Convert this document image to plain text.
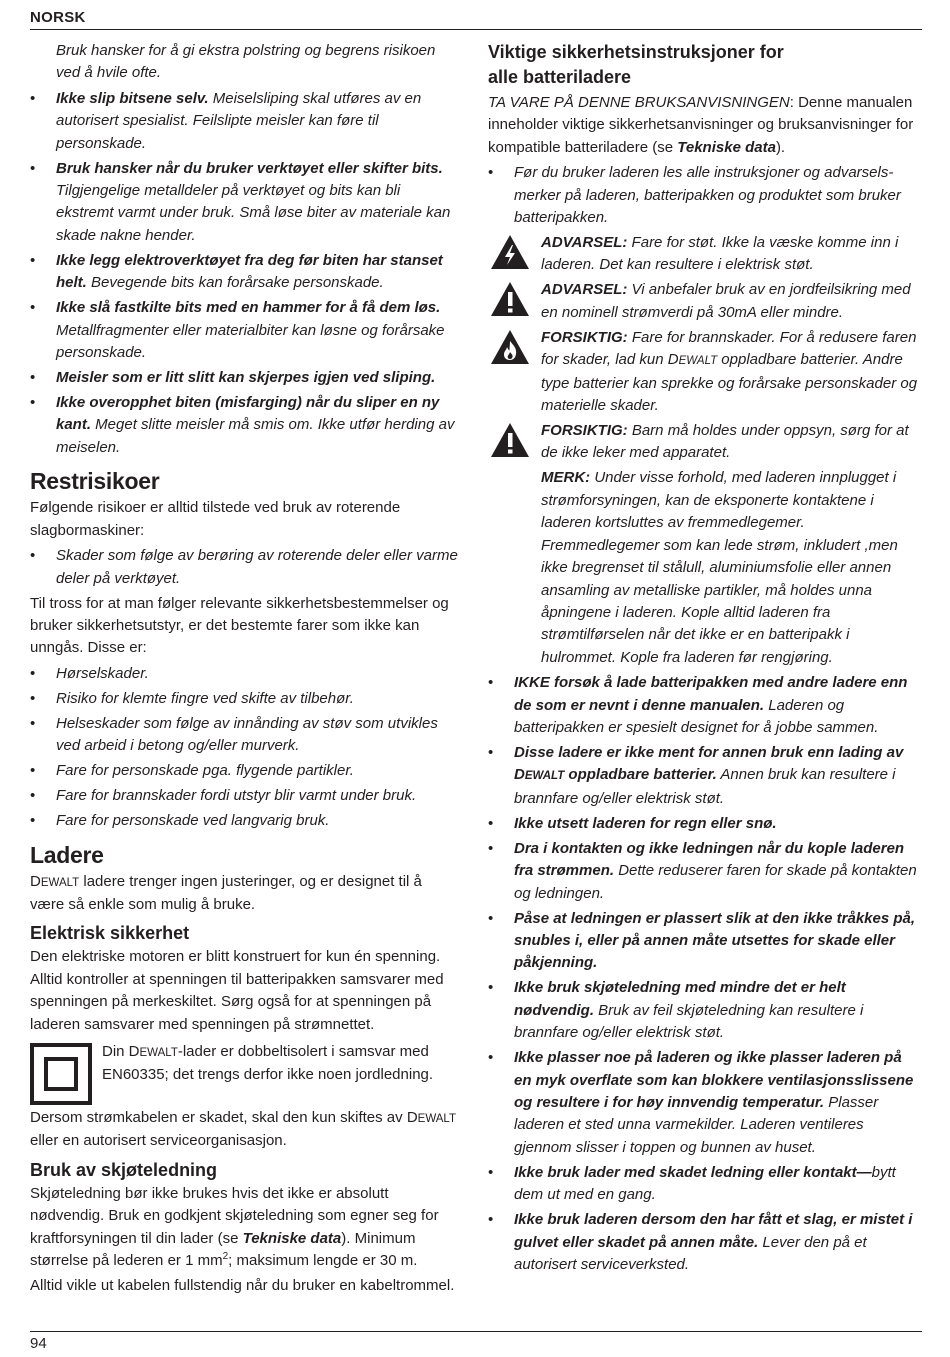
NORSK

Bruk hansker for å gi ekstra polstring og begrens risikoen ved å hvile ofte.

• Ikke slip bitsene selv. Meiselsliping skal utføres av en autorisert spesialist. Feilslipte meisler kan føre til personskade.
• Bruk hansker når du bruker verktøyet eller skifter bits. Tilgjengelige metalldeler på verktøyet og bits kan bli ekstremt varmt under bruk. Små løse biter av materiale kan skade nakne hender.
• Ikke legg elektroverktøyet fra deg før biten har stanset helt. Bevegende bits kan forårsake personskade.
• Ikke slå fastkilte bits med en hammer for å få dem løs. Metallfragmenter eller materialbiter kan løsne og forårsake personskade.
• Meisler som er litt slitt kan skjerpes igjen ved sliping.
• Ikke overopphet biten (misfarging) når du sliper en ny kant. Meget slitte meisler må smis om. Ikke utfør herding av meiselen.
Restrisikoer

Følgende risikoer er alltid tilstede ved bruk av roterende slagbormaskiner:

• Skader som følge av berøring av roterende deler eller varme deler på verktøyet.

Til tross for at man følger relevante sikkerhetsbestemmelser og bruker sikkerhetsutstyr, er det bestemte farer som ikke kan unngås. Disse er:

• Hørselskader.
• Risiko for klemte fingre ved skifte av tilbehør.
• Helseskader som følge av innånding av støv som utvikles ved arbeid i betong og/eller murverk.
• Fare for personskade pga. flygende partikler.
• Fare for brannskader fordi utstyr blir varmt under bruk.
• Fare for personskade ved langvarig bruk.
Ladere

DEWALT ladere trenger ingen justeringer, og er designet til å være så enkle som mulig å bruke.

Elektrisk sikkerhet

Den elektriske motoren er blitt konstruert for kun én spenning. Alltid kontroller at spenningen til batteripakken samsvarer med spenningen på merkeskiltet. Sørg også for at spenningen på laderen samsvarer med spenningen på strømnettet.

Din DEWALT-lader er dobbeltisolert i samsvar med EN60335; det trengs derfor ikke noen jordledning.

Dersom strømkabelen er skadet, skal den kun skiftes av DEWALT eller en autorisert serviceorganisasjon.

Bruk av skjøteledning

Skjøteledning bør ikke brukes hvis det ikke er absolutt nødvendig. Bruk en godkjent skjøteledning som egner seg for kraftforsyningen til din lader (se Tekniske data). Minimum størrelse på lederen er 1 $mm^2$; maksimum lengde er 30 m.

Alltid vikle ut kabelen fullstendig når du bruker en kabeltrommel.

Viktige sikkerhetsinstruksjoner for
alle batteriladere

TA VARE PÅ DENNE BRUKSANVISNINGEN: Denne manualen inneholder viktige sikkerhetsanvisninger og bruksanvisninger for kompatible batteriladere (se Tekniske data).

• Før du bruker laderen les alle instruksjoner og advarsels-merker på laderen, batteripakken og produktet som bruker batteripakken.

ADVARSEL: Fare for støt. Ikke la væske komme inn i laderen. Det kan resultere i elektrisk støt.

ADVARSEL: Vi anbefaler bruk av en jordfeilsikring med en nominell strømverdi på 30mA eller mindre.

FORSIKTIG: Fare for brannskader. For å redusere faren for skader, lad kun DEWALT oppladbare batterier. Andre type batterier kan sprekke og forårsake personskader og materielle skader.

FORSIKTIG: Barn må holdes under oppsyn, sørg for at de ikke leker med apparatet.

MERK: Under visse forhold, med laderen innplugget i strømforsyningen, kan de eksponerte kontaktene i laderen kortsluttes av fremmedlegemer. Fremmedlegemer som kan lede strøm, inkludert ,men ikke bregrenset til stålull, aluminiumsfolie eller annen ansamling av metalliske partikler, må holdes unna åpningene i laderen. Kople alltid laderen fra strømtilførselen når det ikke er en batteripakk i hulrommet. Kople fra laderen før rengjøring.

• IKKE forsøk å lade batteripakken med andre ladere enn de som er nevnt i denne manualen. Laderen og batteripakken er spesielt designet for å jobbe sammen.
• Disse ladere er ikke ment for annen bruk enn lading av DEWALT oppladbare batterier. Annen bruk kan resultere i brannfare og/eller elektrisk støt.
• Ikke utsett laderen for regn eller snø.
• Dra i kontakten og ikke ledningen når du kople laderen fra strømmen. Dette reduserer faren for skade på kontakten og ledningen.
• Påse at ledningen er plassert slik at den ikke tråkkes på, snubles i, eller på annen måte utsettes for skade eller påkjenning.
• Ikke bruk skjøteledning med mindre det er helt nødvendig. Bruk av feil skjøteledning kan resultere i brannfare og/eller elektrisk støt.
• Ikke plasser noe på laderen og ikke plasser laderen på en myk overflate som kan blokkere ventilasjonsslissene og resultere i for høy innvendig temperatur. Plasser laderen et sted unna varmekilder. Laderen ventileres gjennom slisser i toppen og bunnen av huset.
• Ikke bruk lader med skadet ledning eller kontakt—bytt dem ut med en gang.
• Ikke bruk laderen dersom den har fått et slag, er mistet i gulvet eller skadet på annen måte. Lever den på et autorisert serviceverksted.
94
